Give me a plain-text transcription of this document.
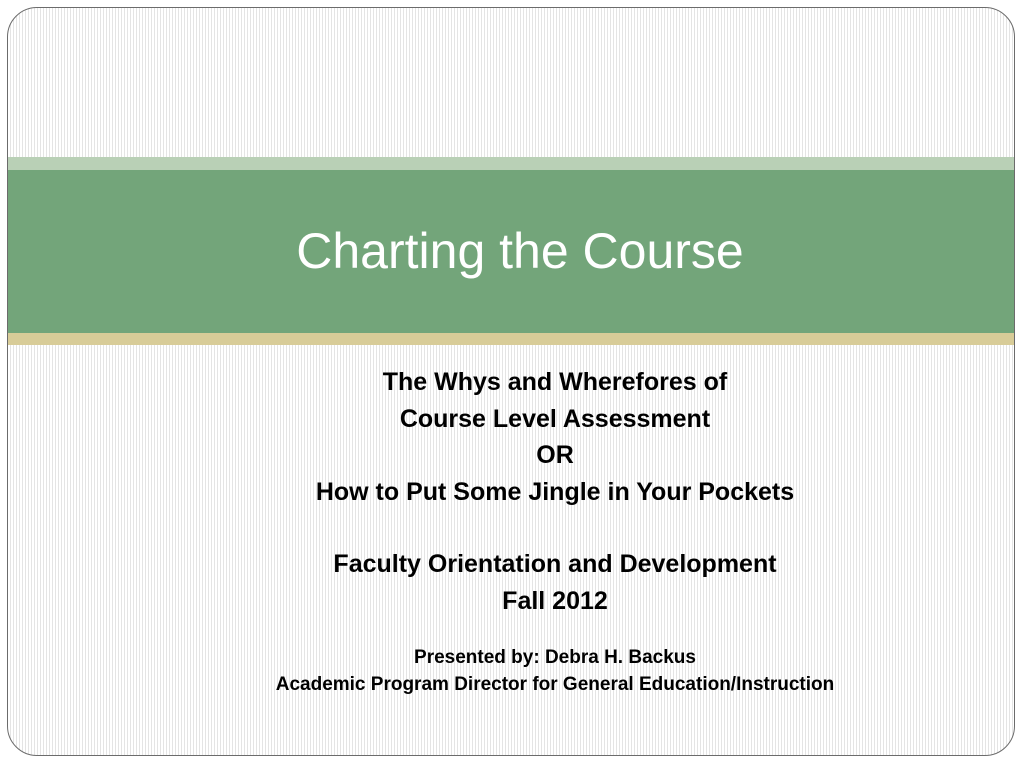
Charting the Course
The Whys and Wherefores of
Course Level Assessment
OR
How to Put Some Jingle in Your Pockets
Faculty Orientation and Development
Fall 2012
Presented by: Debra H. Backus
Academic Program Director for General Education/Instruction
